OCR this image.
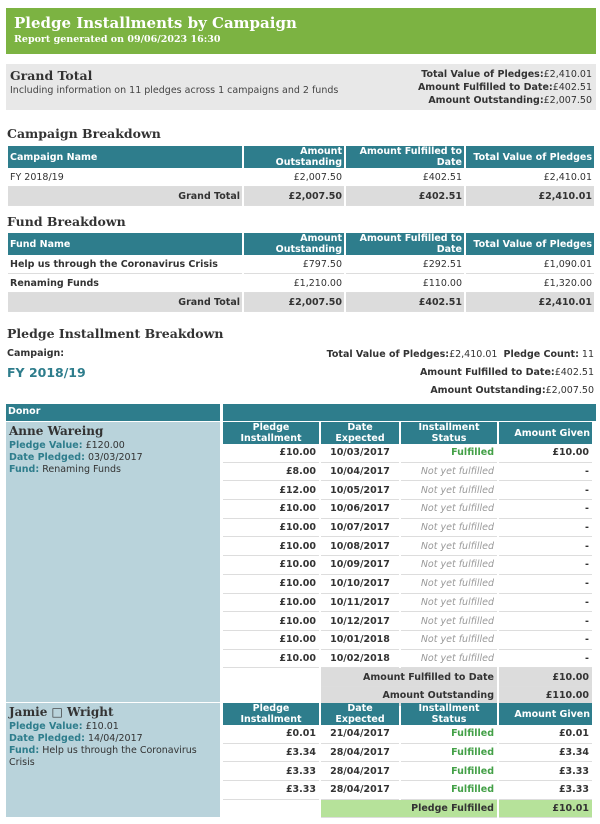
Pledge Installments by Campaign
Report generated on 09/06/2023 16:30
Grand Total
Including information on 11 pledges across 1 campaigns and 2 funds
Total Value of Pledges:£2,410.01
Amount Fulfilled to Date:£402.51
Amount Outstanding:£2,007.50
Campaign Breakdown
Campaign Name	Amount Outstanding	Amount Fulfilled to Date	Total Value of Pledges
FY 2018/19	£2,007.50	£402.51	£2,410.01
Grand Total	£2,007.50	£402.51	£2,410.01
Fund Breakdown
Fund Name	Amount Outstanding	Amount Fulfilled to Date	Total Value of Pledges
Help us through the Coronavirus Crisis	£797.50	£292.51	£1,090.01
Renaming Funds	£1,210.00	£110.00	£1,320.00
Grand Total	£2,007.50	£402.51	£2,410.01
Pledge Installment Breakdown
Campaign:
FY 2018/19
Total Value of Pledges:£2,410.01 Pledge Count: 11
Amount Fulfilled to Date:£402.51
Amount Outstanding:£2,007.50
Donor
Anne Wareing
Pledge Value: £120.00
Date Pledged: 03/03/2017
Fund: Renaming Funds
Pledge Installment	Date Expected	Installment Status	Amount Given
£10.00	10/03/2017	Fulfilled	£10.00
£8.00	10/04/2017	Not yet fulfilled	-
£12.00	10/05/2017	Not yet fulfilled	-
£10.00	10/06/2017	Not yet fulfilled	-
£10.00	10/07/2017	Not yet fulfilled	-
£10.00	10/08/2017	Not yet fulfilled	-
£10.00	10/09/2017	Not yet fulfilled	-
£10.00	10/10/2017	Not yet fulfilled	-
£10.00	10/11/2017	Not yet fulfilled	-
£10.00	10/12/2017	Not yet fulfilled	-
£10.00	10/01/2018	Not yet fulfilled	-
£10.00	10/02/2018	Not yet fulfilled	-
	Amount Fulfilled to Date		£10.00
	Amount Outstanding		£110.00
Jamie □ Wright
Pledge Value: £10.01
Date Pledged: 14/04/2017
Fund: Help us through the Coronavirus Crisis
Pledge Installment	Date Expected	Installment Status	Amount Given
£0.01	21/04/2017	Fulfilled	£0.01
£3.34	28/04/2017	Fulfilled	£3.34
£3.33	28/04/2017	Fulfilled	£3.33
£3.33	28/04/2017	Fulfilled	£3.33
	Pledge Fulfilled		£10.01
